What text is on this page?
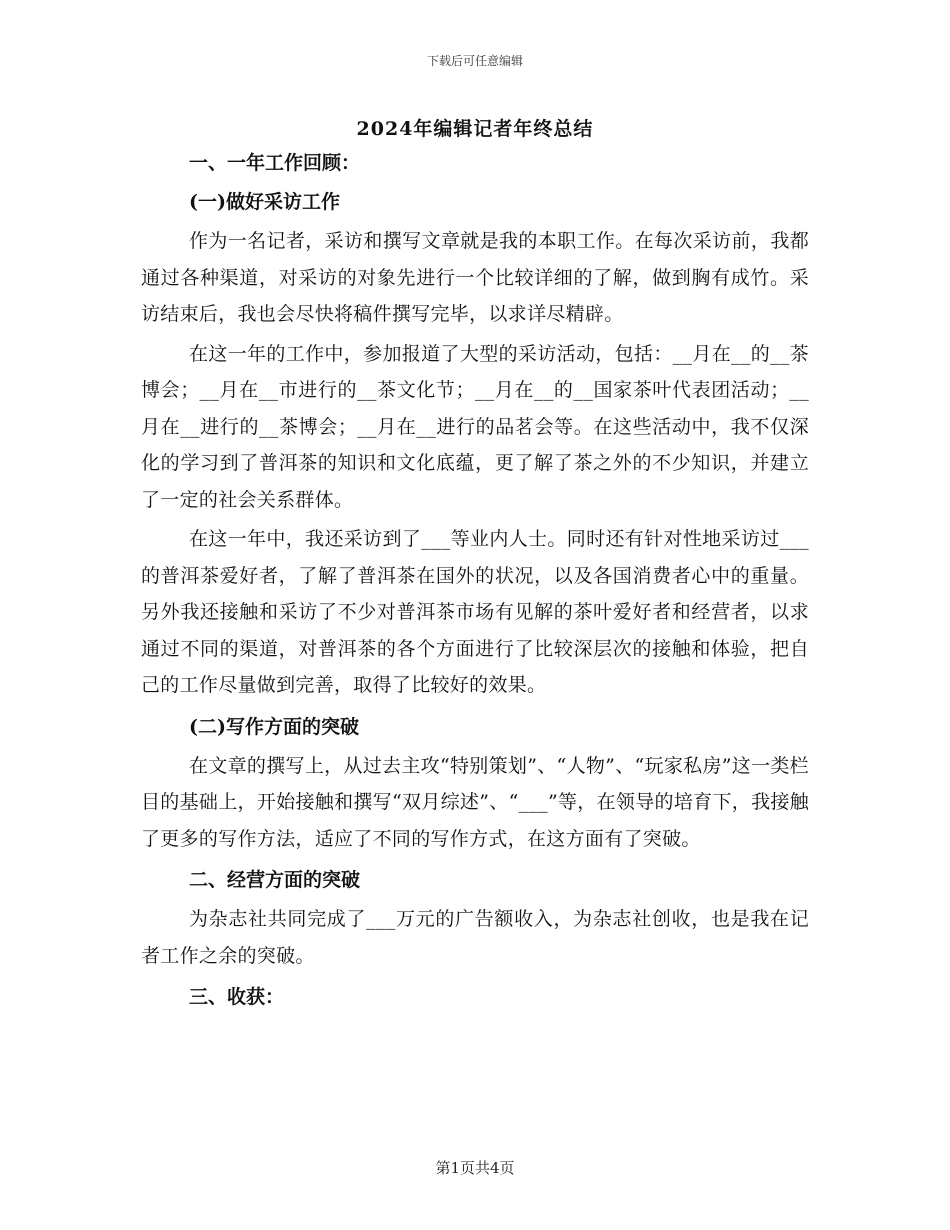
下载后可任意编辑
2024年编辑记者年终总结
一、一年工作回顾：
(一)做好采访工作

作为一名记者，采访和撰写文章就是我的本职工作。在每次采访前，我都通过各种渠道，对采访的对象先进行一个比较详细的了解，做到胸有成竹。采访结束后，我也会尽快将稿件撰写完毕，以求详尽精辟。

在这一年的工作中，参加报道了大型的采访活动，包括：__月在__的__茶博会；__月在__市进行的__茶文化节；__月在__的__国家茶叶代表团活动；__月在__进行的__茶博会；__月在__进行的品茗会等。在这些活动中，我不仅深化的学习到了普洱茶的知识和文化底蕴，更了解了茶之外的不少知识，并建立了一定的社会关系群体。

在这一年中，我还采访到了___等业内人士。同时还有针对性地采访过___的普洱茶爱好者，了解了普洱茶在国外的状况，以及各国消费者心中的重量。另外我还接触和采访了不少对普洱茶市场有见解的茶叶爱好者和经营者，以求通过不同的渠道，对普洱茶的各个方面进行了比较深层次的接触和体验，把自己的工作尽量做到完善，取得了比较好的效果。

(二)写作方面的突破

在文章的撰写上，从过去主攻“特别策划”、“人物”、“玩家私房”这一类栏目的基础上，开始接触和撰写“双月综述”、“___”等，在领导的培育下，我接触了更多的写作方法，适应了不同的写作方式，在这方面有了突破。

二、经营方面的突破

为杂志社共同完成了___万元的广告额收入，为杂志社创收，也是我在记者工作之余的突破。

三、收获：
第1页共4页
